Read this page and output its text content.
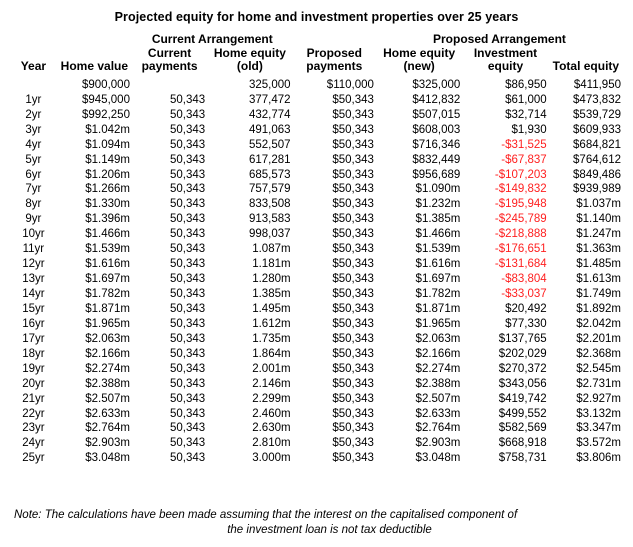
Projected equity for home and investment properties over 25 years
		Current Arrangement			Proposed Arrangement		
Year	Home value	Current payments	Home equity (old)	Proposed payments	Home equity (new)	Investment equity	Total equity
	$900,000		325,000	$110,000	$325,000	$86,950	$411,950
1yr	$945,000	50,343	377,472	$50,343	$412,832	$61,000	$473,832
2yr	$992,250	50,343	432,774	$50,343	$507,015	$32,714	$539,729
3yr	$1.042m	50,343	491,063	$50,343	$608,003	$1,930	$609,933
4yr	$1.094m	50,343	552,507	$50,343	$716,346	-$31,525	$684,821
5yr	$1.149m	50,343	617,281	$50,343	$832,449	-$67,837	$764,612
6yr	$1.206m	50,343	685,573	$50,343	$956,689	-$107,203	$849,486
7yr	$1.266m	50,343	757,579	$50,343	$1.090m	-$149,832	$939,989
8yr	$1.330m	50,343	833,508	$50,343	$1.232m	-$195,948	$1.037m
9yr	$1.396m	50,343	913,583	$50,343	$1.385m	-$245,789	$1.140m
10yr	$1.466m	50,343	998,037	$50,343	$1.466m	-$218,888	$1.247m
11yr	$1.539m	50,343	1.087m	$50,343	$1.539m	-$176,651	$1.363m
12yr	$1.616m	50,343	1.181m	$50,343	$1.616m	-$131,684	$1.485m
13yr	$1.697m	50,343	1.280m	$50,343	$1.697m	-$83,804	$1.613m
14yr	$1.782m	50,343	1.385m	$50,343	$1.782m	-$33,037	$1.749m
15yr	$1.871m	50,343	1.495m	$50,343	$1.871m	$20,492	$1.892m
16yr	$1.965m	50,343	1.612m	$50,343	$1.965m	$77,330	$2.042m
17yr	$2.063m	50,343	1.735m	$50,343	$2.063m	$137,765	$2.201m
18yr	$2.166m	50,343	1.864m	$50,343	$2.166m	$202,029	$2.368m
19yr	$2.274m	50,343	2.001m	$50,343	$2.274m	$270,372	$2.545m
20yr	$2.388m	50,343	2.146m	$50,343	$2.388m	$343,056	$2.731m
21yr	$2.507m	50,343	2.299m	$50,343	$2.507m	$419,742	$2.927m
22yr	$2.633m	50,343	2.460m	$50,343	$2.633m	$499,552	$3.132m
23yr	$2.764m	50,343	2.630m	$50,343	$2.764m	$582,569	$3.347m
24yr	$2.903m	50,343	2.810m	$50,343	$2.903m	$668,918	$3.572m
25yr	$3.048m	50,343	3.000m	$50,343	$3.048m	$758,731	$3.806m
Note: The calculations have been made assuming that the interest on the capitalised component of
the investment loan is not tax deductible
